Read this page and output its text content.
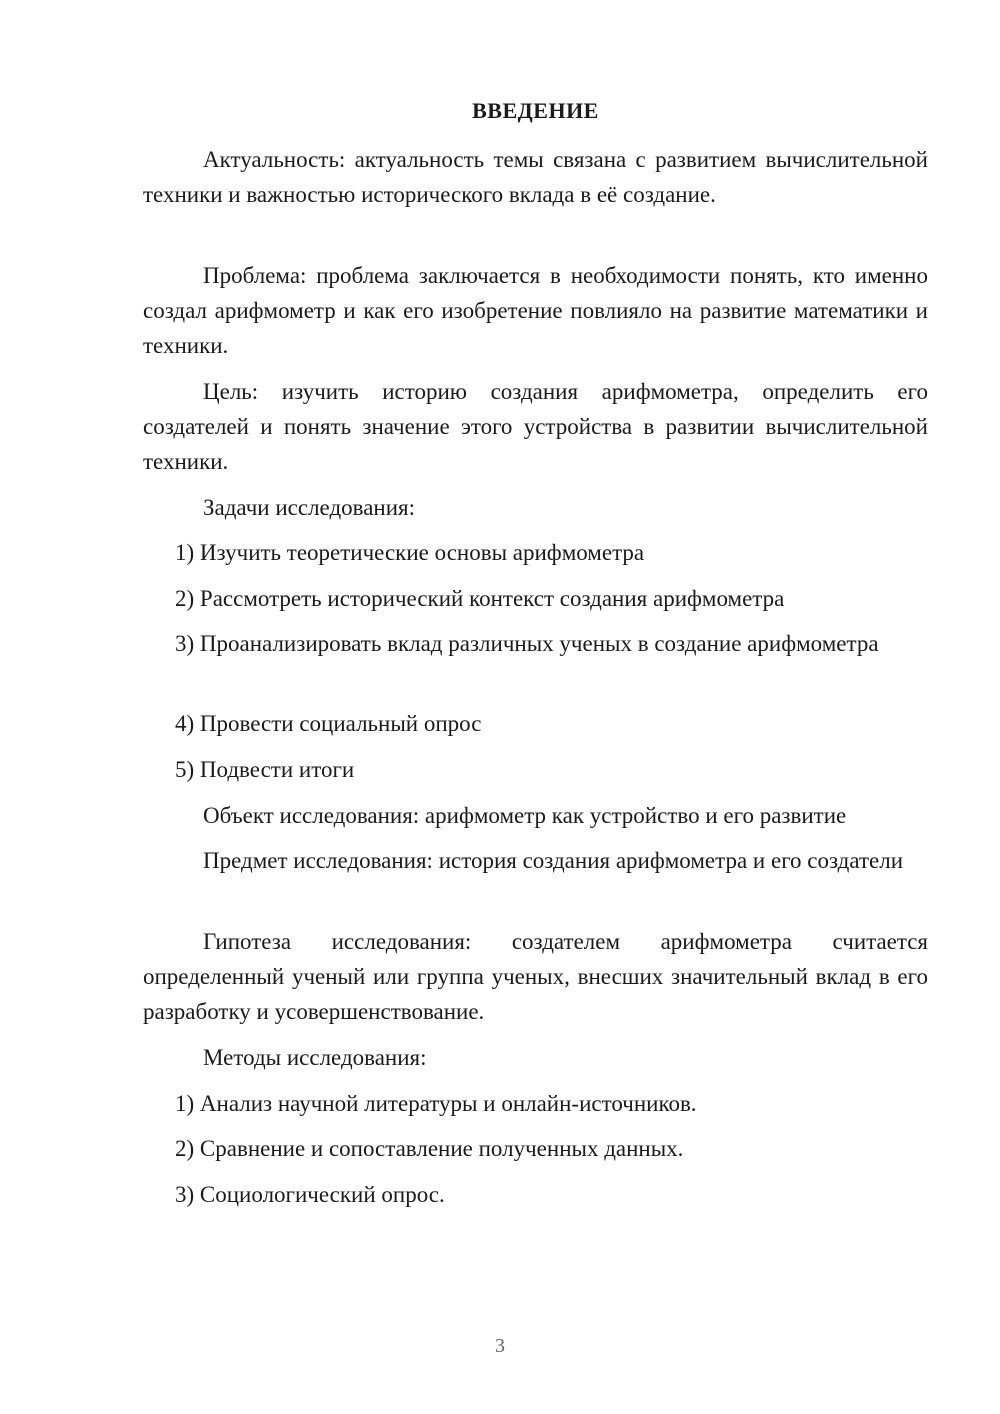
ВВЕДЕНИЕ

Актуальность: актуальность темы связана с развитием вычислительной техники и важностью исторического вклада в её создание.

Проблема: проблема заключается в необходимости понять, кто именно создал арифмометр и как его изобретение повлияло на развитие математики и техники.

Цель: изучить историю создания арифмометра, определить его создателей и понять значение этого устройства в развитии вычислительной техники.

Задачи исследования:

1) Изучить теоретические основы арифмометра

2) Рассмотреть исторический контекст создания арифмометра

3) Проанализировать вклад различных ученых в создание арифмометра

4) Провести социальный опрос

5) Подвести итоги

Объект исследования: арифмометр как устройство и его развитие

Предмет исследования: история создания арифмометра и его создатели

Гипотеза исследования: создателем арифмометра считается определенный ученый или группа ученых, внесших значительный вклад в его разработку и усовершенствование.

Методы исследования:

1) Анализ научной литературы и онлайн-источников.

2) Сравнение и сопоставление полученных данных.

3) Социологический опрос.

3
